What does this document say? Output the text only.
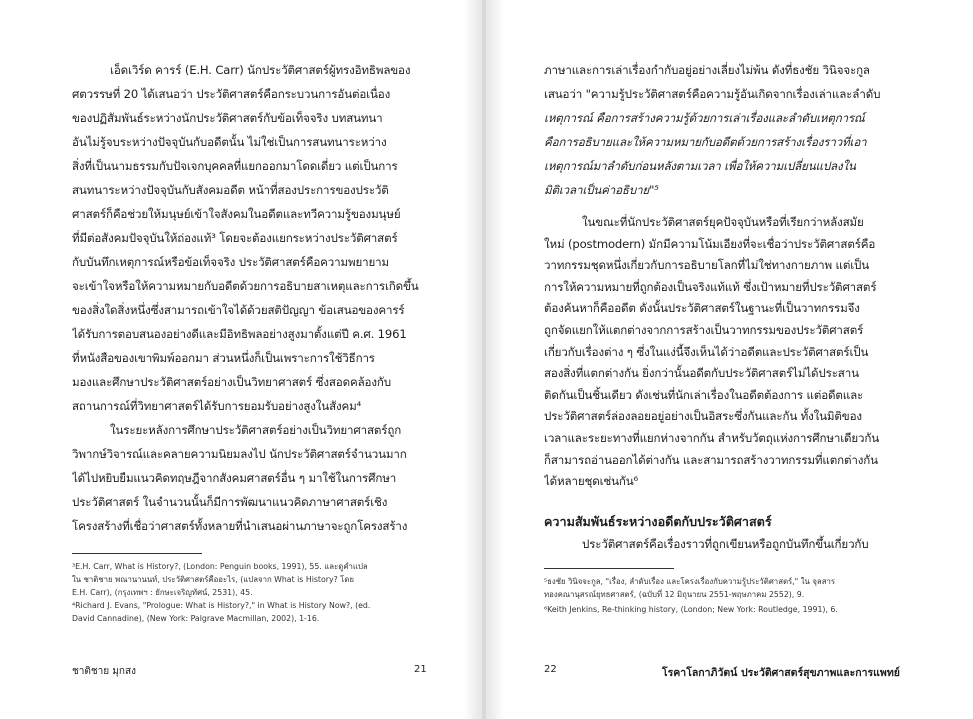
เอ็ดเวิร์ด คารร์ (E.H. Carr) นักประวัติศาสตร์ผู้ทรงอิทธิพลของ
ศตวรรษที่ 20 ได้เสนอว่า ประวัติศาสตร์คือกระบวนการอันต่อเนื่อง
ของปฏิสัมพันธ์ระหว่างนักประวัติศาสตร์กับข้อเท็จจริง บทสนทนา
อันไม่รู้จบระหว่างปัจจุบันกับอดีตนั้น ไม่ใช่เป็นการสนทนาระหว่าง
สิ่งที่เป็นนามธรรมกับปัจเจกบุคคลที่แยกออกมาโดดเดี่ยว แต่เป็นการ
สนทนาระหว่างปัจจุบันกับสังคมอดีต หน้าที่สองประการของประวัติ
ศาสตร์ก็คือช่วยให้มนุษย์เข้าใจสังคมในอดีตและทวีความรู้ของมนุษย์
ที่มีต่อสังคมปัจจุบันให้ถ่องแท้³ โดยจะต้องแยกระหว่างประวัติศาสตร์
กับบันทึกเหตุการณ์หรือข้อเท็จจริง ประวัติศาสตร์คือความพยายาม
จะเข้าใจหรือให้ความหมายกับอดีตด้วยการอธิบายสาเหตุและการเกิดขึ้น
ของสิ่งใดสิ่งหนึ่งซึ่งสามารถเข้าใจได้ด้วยสติปัญญา ข้อเสนอของคารร์
ได้รับการตอบสนองอย่างดีและมีอิทธิพลอย่างสูงมาตั้งแต่ปี ค.ศ. 1961
ที่หนังสือของเขาพิมพ์ออกมา ส่วนหนึ่งก็เป็นเพราะการใช้วิธีการ
มองและศึกษาประวัติศาสตร์อย่างเป็นวิทยาศาสตร์ ซึ่งสอดคล้องกับ
สถานการณ์ที่วิทยาศาสตร์ได้รับการยอมรับอย่างสูงในสังคม⁴
ในระยะหลังการศึกษาประวัติศาสตร์อย่างเป็นวิทยาศาสตร์ถูก
วิพากษ์วิจารณ์และคลายความนิยมลงไป นักประวัติศาสตร์จำนวนมาก
ได้ไปหยิบยืมแนวคิดทฤษฎีจากสังคมศาสตร์อื่น ๆ มาใช้ในการศึกษา
ประวัติศาสตร์ ในจำนวนนั้นก็มีการพัฒนาแนวคิดภาษาศาสตร์เชิง
โครงสร้างที่เชื่อว่าศาสตร์ทั้งหลายที่นำเสนอผ่านภาษาจะถูกโครงสร้าง
³E.H. Carr, What is History?, (London: Penguin books, 1991), 55. และดูคำแปล
ใน ชาติชาย พณานานนท์, ประวัติศาสตร์คืออะไร, (แปลจาก What is History? โดย
E.H. Carr), (กรุงเทพฯ : ยักษะเจริญทัศน์, 2531), 45.
⁴Richard J. Evans, "Prologue: What is History?," in What is History Now?, (ed.
David Cannadine), (New York: Palgrave Macmillan, 2002), 1-16.
ชาติชาย มุกสง	21
ภาษาและการเล่าเรื่องกำกับอยู่อย่างเลี่ยงไม่พ้น ดังที่ธงชัย วินิจจะกูล
เสนอว่า "ความรู้ประวัติศาสตร์คือความรู้อันเกิดจากเรื่องเล่าและลำดับ
เหตุการณ์ คือการสร้างความรู้ด้วยการเล่าเรื่องและลำดับเหตุการณ์
คือการอธิบายและให้ความหมายกับอดีตด้วยการสร้างเรื่องราวที่เอา
เหตุการณ์มาลำดับก่อนหลังตามเวลา เพื่อให้ความเปลี่ยนแปลงใน
มิติเวลาเป็นค่าอธิบาย"⁵
ในขณะที่นักประวัติศาสตร์ยุคปัจจุบันหรือที่เรียกว่าหลังสมัย
ใหม่ (postmodern) มักมีความโน้มเอียงที่จะเชื่อว่าประวัติศาสตร์คือ
วาทกรรมชุดหนึ่งเกี่ยวกับการอธิบายโลกที่ไม่ใช่ทางกายภาพ แต่เป็น
การให้ความหมายที่ถูกต้องเป็นจริงแท้แท้ ซึ่งเป้าหมายที่ประวัติศาสตร์
ต้องค้นหาก็คืออดีต ดังนั้นประวัติศาสตร์ในฐานะที่เป็นวาทกรรมจึง
ถูกจัดแยกให้แตกต่างจากการสร้างเป็นวาทกรรมของประวัติศาสตร์
เกี่ยวกับเรื่องต่าง ๆ ซึ่งในแง่นี้จึงเห็นได้ว่าอดีตและประวัติศาสตร์เป็น
สองสิ่งที่แตกต่างกัน ยิ่งกว่านั้นอดีตกับประวัติศาสตร์ไม่ได้ประสาน
ติดกันเป็นชิ้นเดียว ดังเช่นที่นักเล่าเรื่องในอดีตต้องการ แต่อดีตและ
ประวัติศาสตร์ล่องลอยอยู่อย่างเป็นอิสระซึ่งกันและกัน ทั้งในมิติของ
เวลาและระยะทางที่แยกห่างจากกัน สำหรับวัตถุแห่งการศึกษาเดียวกัน
ก็สามารถอ่านออกได้ต่างกัน และสามารถสร้างวาทกรรมที่แตกต่างกัน
ความสัมพันธ์ระหว่างอดีตกับประวัติศาสตร์
ประวัติศาสตร์คือเรื่องราวที่ถูกเขียนหรือถูกบันทึกขึ้นเกี่ยวกับ
⁵ธงชัย วินิจจะกูล, "เรื่อง, ลำดับเรื่อง และโครงเรื่องกับความรู้ประวัติศาสตร์," ใน จุลสาร
ทองคณานุสรณ์ยุทธศาสตร์, (ฉบับที่ 12 มิถุนายน 2551-พฤษภาคม 2552), 9.
⁶Keith Jenkins, Re-thinking history, (London; New York: Routledge, 1991), 6.
22	โรคาโลกาภิวัตน์ ประวัติศาสตร์สุขภาพและการแพทย์
ได้หลายชุดเช่นกัน⁶
